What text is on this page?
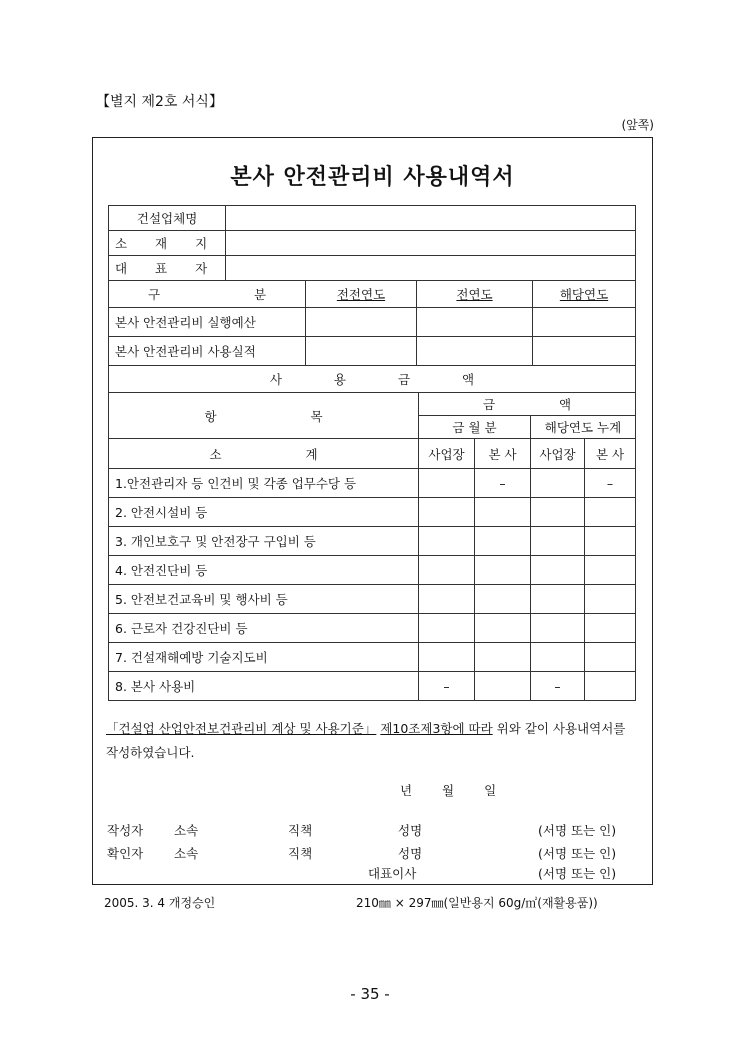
【별지 제2호 서식】
(앞쪽)
본사 안전관리비 사용내역서
건설업체명	
소 재 지	
대 표 자	
구 분	전전연도	전연도	해당연도
본사 안전관리비 실행예산			
본사 안전관리비 사용실적			
사 용 금 액				
항 목	금 액			
	금 월 분		해당연도 누계	
소 계	사업장	본 사	사업장	본 사
1.안전관리자 등 인건비 및 각종 업무수당 등		–		–
2. 안전시설비 등				
3. 개인보호구 및 안전장구 구입비 등				
4. 안전진단비 등				
5. 안전보건교육비 및 행사비 등				
6. 근로자 건강진단비 등				
7. 건설재해예방 기술지도비				
8. 본사 사용비	–		–	
「건설업 산업안전보건관리비 계상 및 사용기준」 제10조제3항에 따라 위와 같이 사용내역서를 작성하였습니다.
년 월 일
작성자 소속	직책	성명	(서명 또는 인)
확인자 소속	직책	성명	(서명 또는 인)
대표이사	(서명 또는 인)
2005. 3. 4 개정승인	210㎜ × 297㎜(일반용지 60g/㎡(재활용품))
- 35 -
